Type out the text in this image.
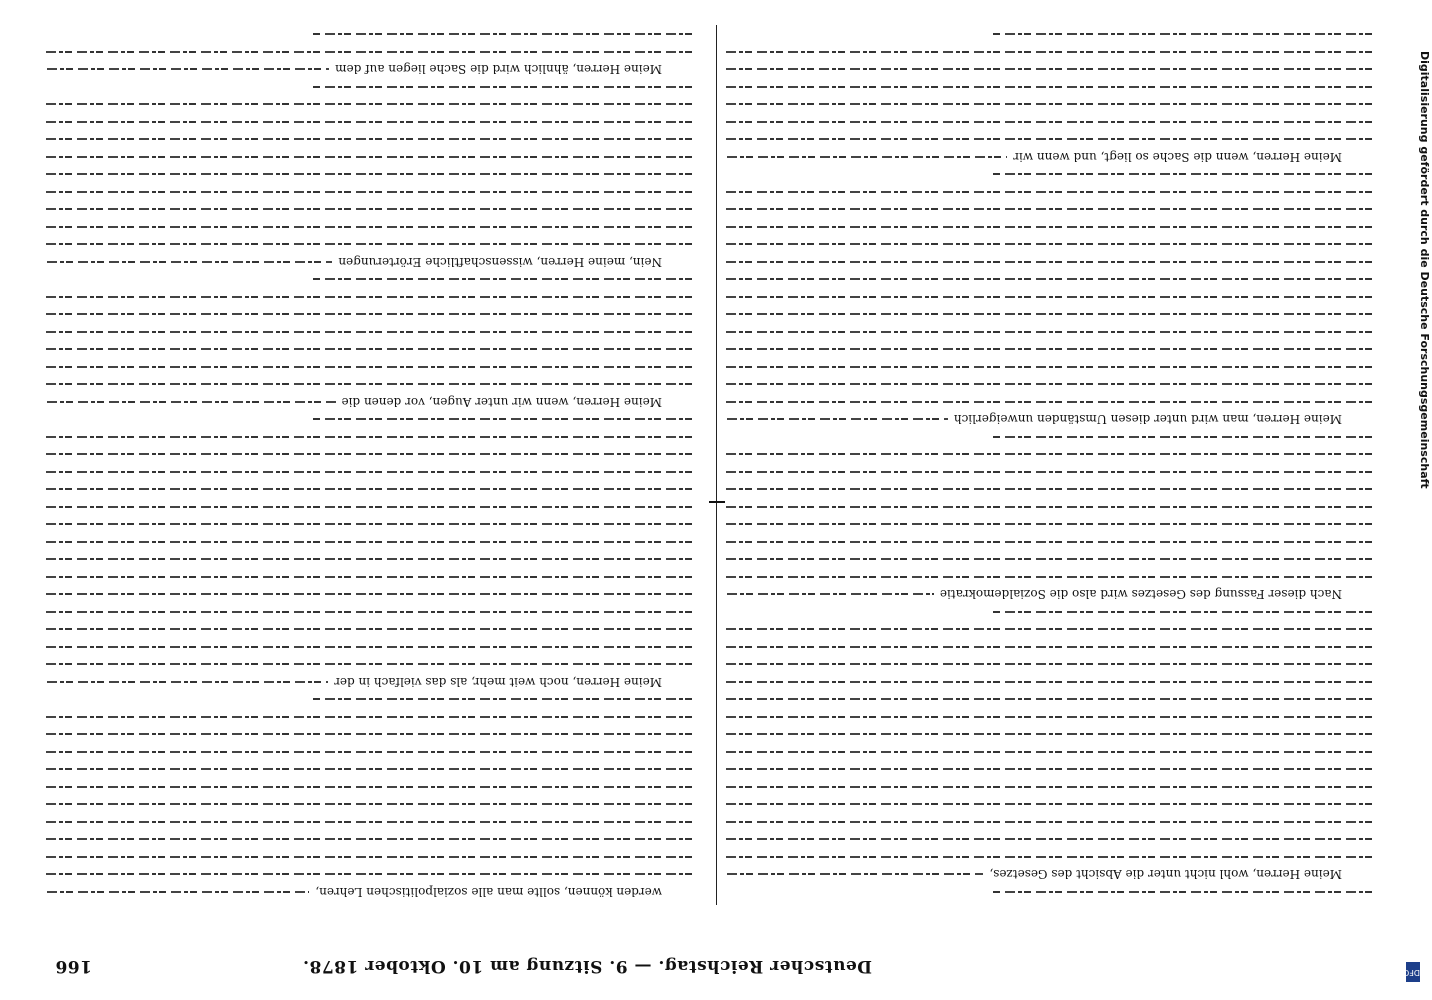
166	Deutscher Reichstag. — 9. Sitzung am 10. Oktober 1878.
Meine Herren, wohl nicht unter die Absicht des Gesetzes,
Nach dieser Fassung des Gesetzes wird also die Sozialdemokratie
Meine Herren, man wird unter diesen Umständen unweigerlich
Meine Herren, wenn die Sache so liegt, und wenn wir
werden können, sollte man alle sozialpolitischen Lehren,
Meine Herren, noch weit mehr, als das vielfach in der
Meine Herren, wenn wir unter Augen, vor denen die
Nein, meine Herren, wissenschaftliche Erörterungen
Meine Herren, ähnlich wird die Sache liegen auf dem
DFG
Digitalisierung gefördert durch die Deutsche Forschungsgemeinschaft
